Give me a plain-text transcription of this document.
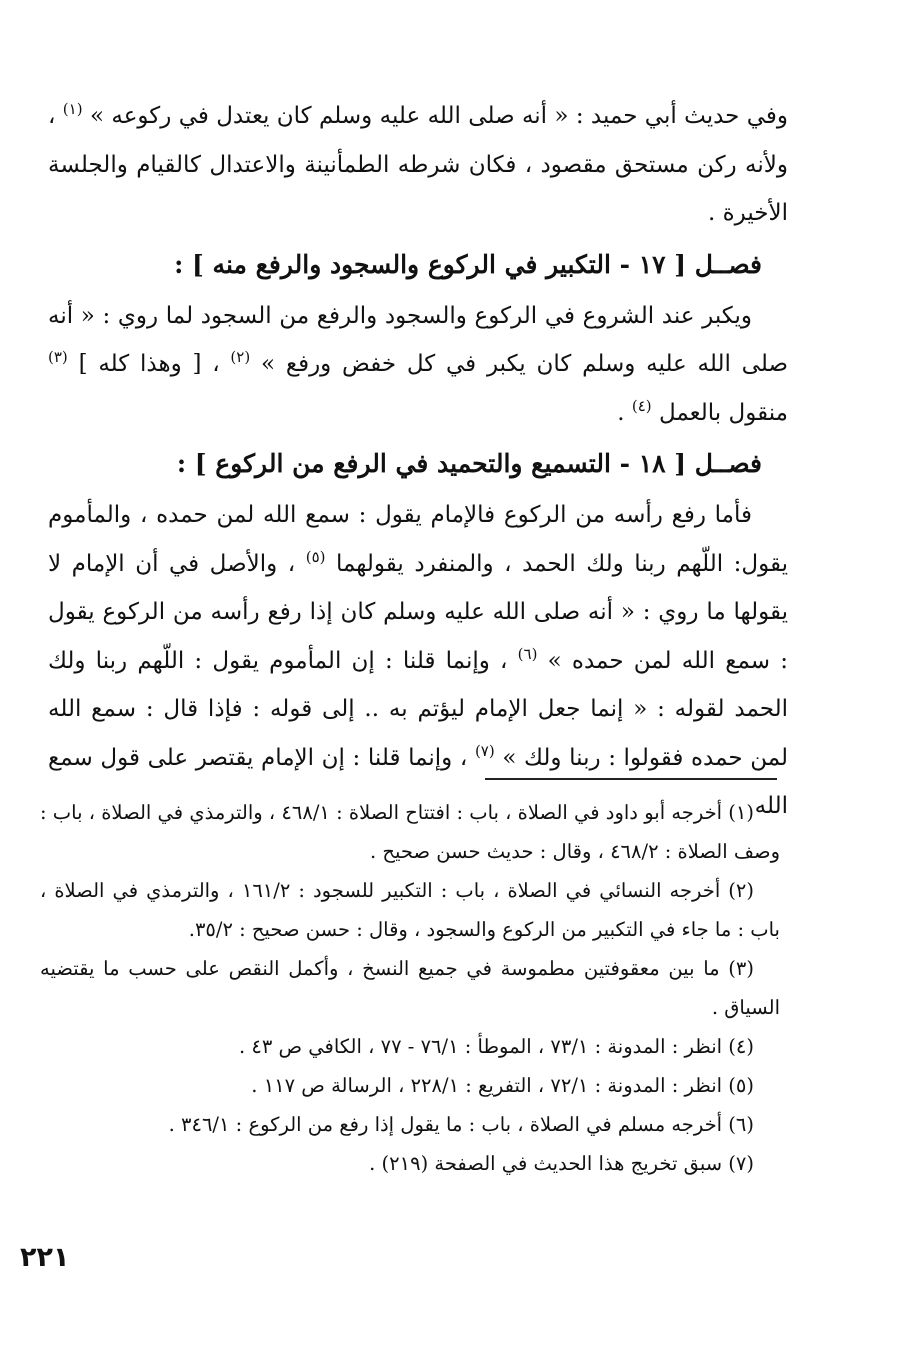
وفي حديث أبي حميد : « أنه صلى الله عليه وسلم كان يعتدل في ركوعه » $^{(١)}$ ، ولأنه ركن مستحق مقصود ، فكان شرطه الطمأنينة والاعتدال كالقيام والجلسة الأخيرة .

فصــل [ ١٧ - التكبير في الركوع والسجود والرفع منه ] :

ويكبر عند الشروع في الركوع والسجود والرفع من السجود لما روي : « أنه صلى الله عليه وسلم كان يكبر في كل خفض ورفع » $^{(٢)}$ ، [ وهذا كله ] $^{(٣)}$ منقول بالعمل $^{(٤)}$ .

فصــل [ ١٨ - التسميع والتحميد في الرفع من الركوع ] :

فأما رفع رأسه من الركوع فالإمام يقول : سمع الله لمن حمده ، والمأموم يقول: اللّهم ربنا ولك الحمد ، والمنفرد يقولهما $^{(٥)}$ ، والأصل في أن الإمام لا يقولها ما روي : « أنه صلى الله عليه وسلم كان إذا رفع رأسه من الركوع يقول : سمع الله لمن حمده » $^{(٦)}$ ، وإنما قلنا : إن المأموم يقول : اللّهم ربنا ولك الحمد لقوله : « إنما جعل الإمام ليؤتم به .. إلى قوله : فإذا قال : سمع الله لمن حمده فقولوا : ربنا ولك » $^{(٧)}$ ، وإنما قلنا : إن الإمام يقتصر على قول سمع الله

(١) أخرجه أبو داود في الصلاة ، باب : افتتاح الصلاة : ٤٦٨/١ ، والترمذي في الصلاة ، باب : وصف الصلاة : ٤٦٨/٢ ، وقال : حديث حسن صحيح .

(٢) أخرجه النسائي في الصلاة ، باب : التكبير للسجود : ١٦١/٢ ، والترمذي في الصلاة ، باب : ما جاء في التكبير من الركوع والسجود ، وقال : حسن صحيح : ٣٥/٢.

(٣) ما بين معقوفتين مطموسة في جميع النسخ ، وأكمل النقص على حسب ما يقتضيه السياق .

(٤) انظر : المدونة : ٧٣/١ ، الموطأ : ٧٦/١ - ٧٧ ، الكافي ص ٤٣ .

(٥) انظر : المدونة : ٧٢/١ ، التفريع : ٢٢٨/١ ، الرسالة ص ١١٧ .

(٦) أخرجه مسلم في الصلاة ، باب : ما يقول إذا رفع من الركوع : ٣٤٦/١ .

(٧) سبق تخريج هذا الحديث في الصفحة (٢١٩) .

٢٢١
